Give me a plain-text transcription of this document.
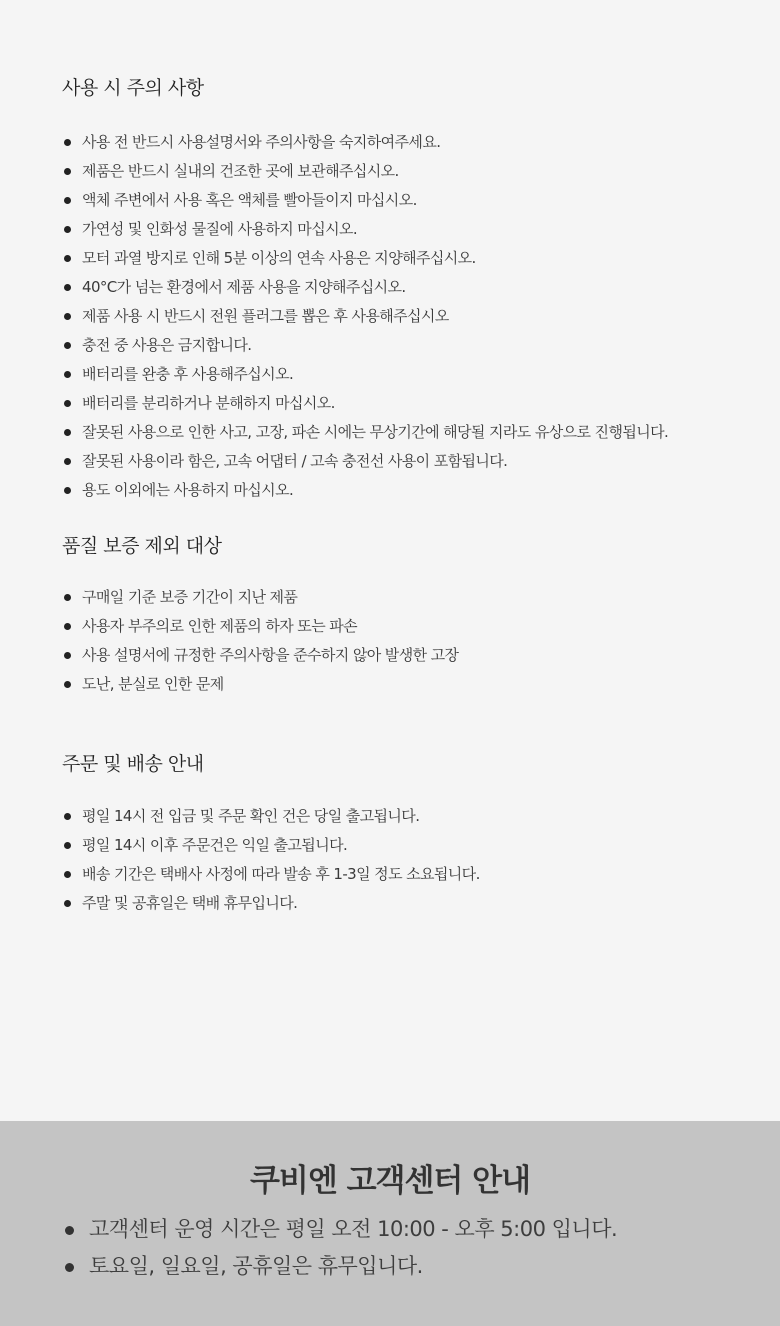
사용 시 주의 사항
사용 전 반드시 사용설명서와 주의사항을 숙지하여주세요.
제품은 반드시 실내의 건조한 곳에 보관해주십시오.
액체 주변에서 사용 혹은 액체를 빨아들이지 마십시오.
가연성 및 인화성 물질에 사용하지 마십시오.
모터 과열 방지로 인해 5분 이상의 연속 사용은 지양해주십시오.
40°C가 넘는 환경에서 제품 사용을 지양해주십시오.
제품 사용 시 반드시 전원 플러그를 뽑은 후 사용해주십시오
충전 중 사용은 금지합니다.
배터리를 완충 후 사용해주십시오.
배터리를 분리하거나 분해하지 마십시오.
잘못된 사용으로 인한 사고, 고장, 파손 시에는 무상기간에 해당될 지라도 유상으로 진행됩니다.
잘못된 사용이라 함은, 고속 어댑터 / 고속 충전선 사용이 포함됩니다.
용도 이외에는 사용하지 마십시오.
품질 보증 제외 대상
구매일 기준 보증 기간이 지난 제품
사용자 부주의로 인한 제품의 하자 또는 파손
사용 설명서에 규정한 주의사항을 준수하지 않아 발생한 고장
도난, 분실로 인한 문제
주문 및 배송 안내
평일 14시 전 입금 및 주문 확인 건은 당일 출고됩니다.
평일 14시 이후 주문건은 익일 출고됩니다.
배송 기간은 택배사 사정에 따라 발송 후 1-3일 정도 소요됩니다.
주말 및 공휴일은 택배 휴무입니다.
쿠비엔 고객센터 안내
고객센터 운영 시간은 평일 오전 10:00 - 오후 5:00 입니다.
토요일, 일요일, 공휴일은 휴무입니다.
